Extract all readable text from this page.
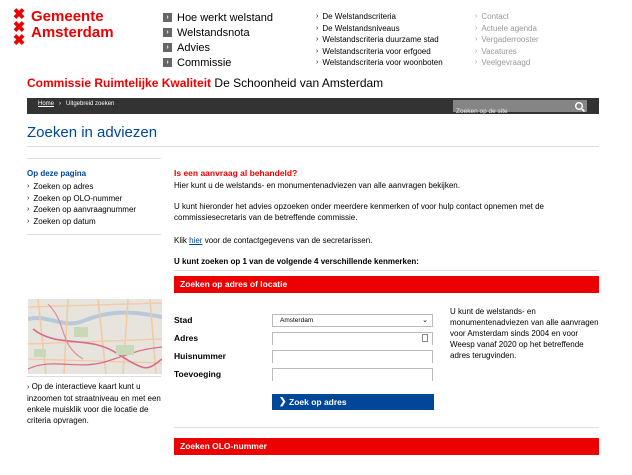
✖
✖
✖
Gemeente
Amsterdam
› Hoe werkt welstand
› Welstandsnota
› Advies
› Commissie
› De Welstandscriteria
› De Welstandsniveaus
› Welstandscriteria duurzame stad
› Welstandscriteria voor erfgoed
› Welstandscriteria voor woonboten
› Contact
› Actuele agenda
› Vergaderrooster
› Vacatures
› Veelgevraagd
Commissie Ruimtelijke Kwaliteit De Schoonheid van Amsterdam
Home › Uitgebreid zoeken
Zoeken op de site
Zoeken in adviezen
Op deze pagina
› Zoeken op adres
› Zoeken op OLO-nummer
› Zoeken op aanvraagnummer
› Zoeken op datum
› Op de interactieve kaart kunt u inzoomen tot straatniveau en met een enkele muisklik voor die locatie de criteria opvragen.
Is een aanvraag al behandeld?
Hier kunt u de welstands- en monumentenadviezen van alle aanvragen bekijken.
U kunt hieronder het advies opzoeken onder meerdere kenmerken of voor hulp contact opnemen met de commissiesecretaris van de betreffende commissie.
Klik hier voor de contactgegevens van de secretarissen.
U kunt zoeken op 1 van de volgende 4 verschillende kenmerken:
Zoeken op adres of locatie
Stad	Amsterdam	⌄
Adres
Huisnummer
Toevoeging
❯ Zoek op adres
U kunt de welstands- en monumentenadviezen van alle aanvragen voor Amsterdam sinds 2004 en voor Weesp vanaf 2020 op het betreffende adres terugvinden.
Zoeken OLO-nummer
